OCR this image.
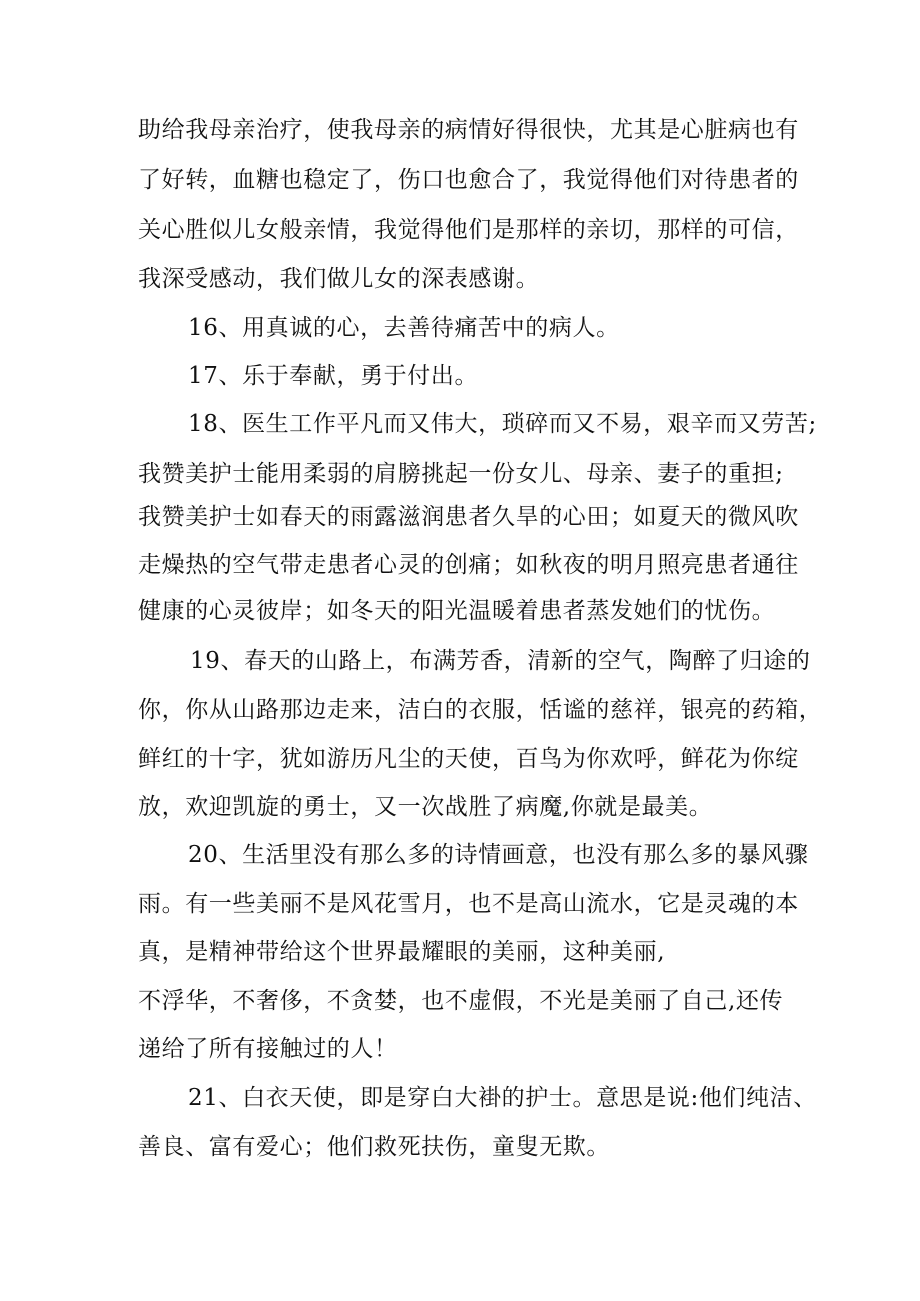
助给我母亲治疗，使我母亲的病情好得很快，尤其是心脏病也有
了好转，血糖也稳定了，伤口也愈合了，我觉得他们对待患者的
关心胜似儿女般亲情，我觉得他们是那样的亲切，那样的可信，
我深受感动，我们做儿女的深表感谢。
16、用真诚的心，去善待痛苦中的病人。
17、乐于奉献，勇于付出。
18、医生工作平凡而又伟大，琐碎而又不易，艰辛而又劳苦;
我赞美护士能用柔弱的肩膀挑起一份女儿、母亲、妻子的重担;
我赞美护士如春天的雨露滋润患者久旱的心田；如夏天的微风吹
走燥热的空气带走患者心灵的创痛；如秋夜的明月照亮患者通往
健康的心灵彼岸；如冬天的阳光温暖着患者蒸发她们的忧伤。
19、春天的山路上，布满芳香，清新的空气，陶醉了归途的
你，你从山路那边走来，洁白的衣服，恬谧的慈祥，银亮的药箱，
鲜红的十字，犹如游历凡尘的天使，百鸟为你欢呼，鲜花为你绽
放，欢迎凯旋的勇士，又一次战胜了病魔,你就是最美。
20、生活里没有那么多的诗情画意，也没有那么多的暴风骤
雨。有一些美丽不是风花雪月，也不是高山流水，它是灵魂的本
真，是精神带给这个世界最耀眼的美丽，这种美丽,
不浮华，不奢侈，不贪婪，也不虚假，不光是美丽了自己,还传
递给了所有接触过的人！
21、白衣天使，即是穿白大褂的护士。意思是说:他们纯洁、
善良、富有爱心；他们救死扶伤，童叟无欺。
